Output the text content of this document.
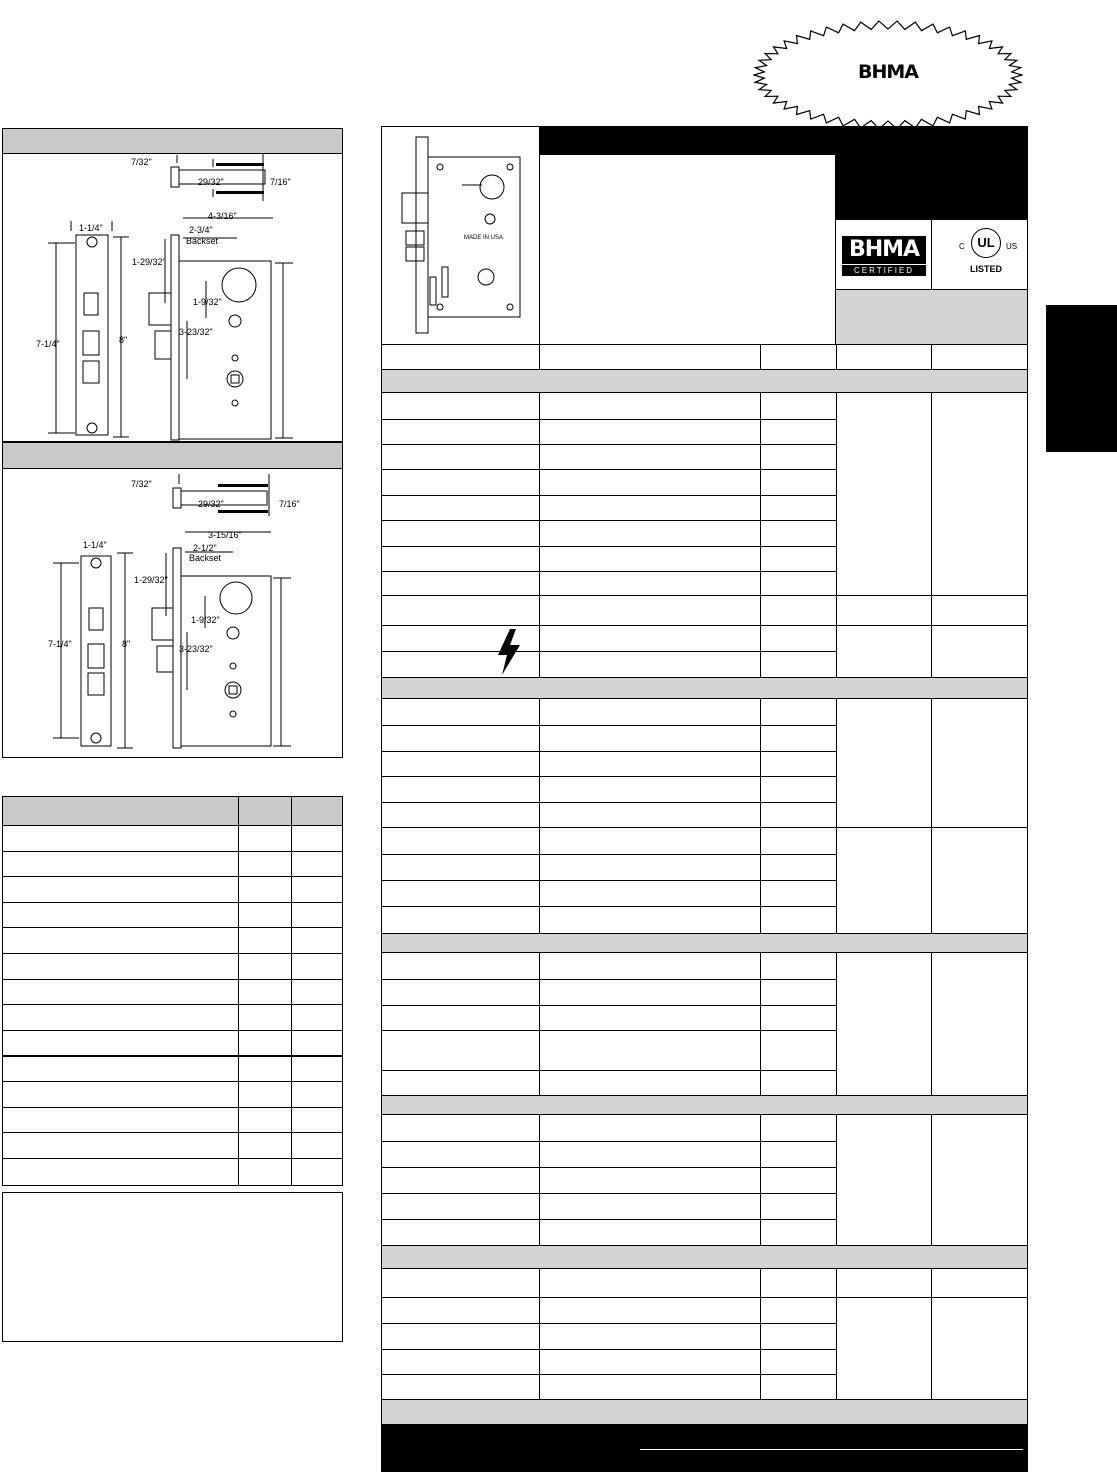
BHMA
7/32"
29/32"	7/16"
4-3/16"
1-1/4"	2-3/4"
Backset
1-29/32"
1-9/32"
3-23/32"
7-1/4"	8"
7/32"
29/32"	7/16"
3-15/16"
1-1/4"	2-1/2"
Backset
1-29/32"
1-9/32"
3-23/32"
7-1/4"	8"
MADE IN USA	BHMA
CERTIFIED
UL
C	US
LISTED
